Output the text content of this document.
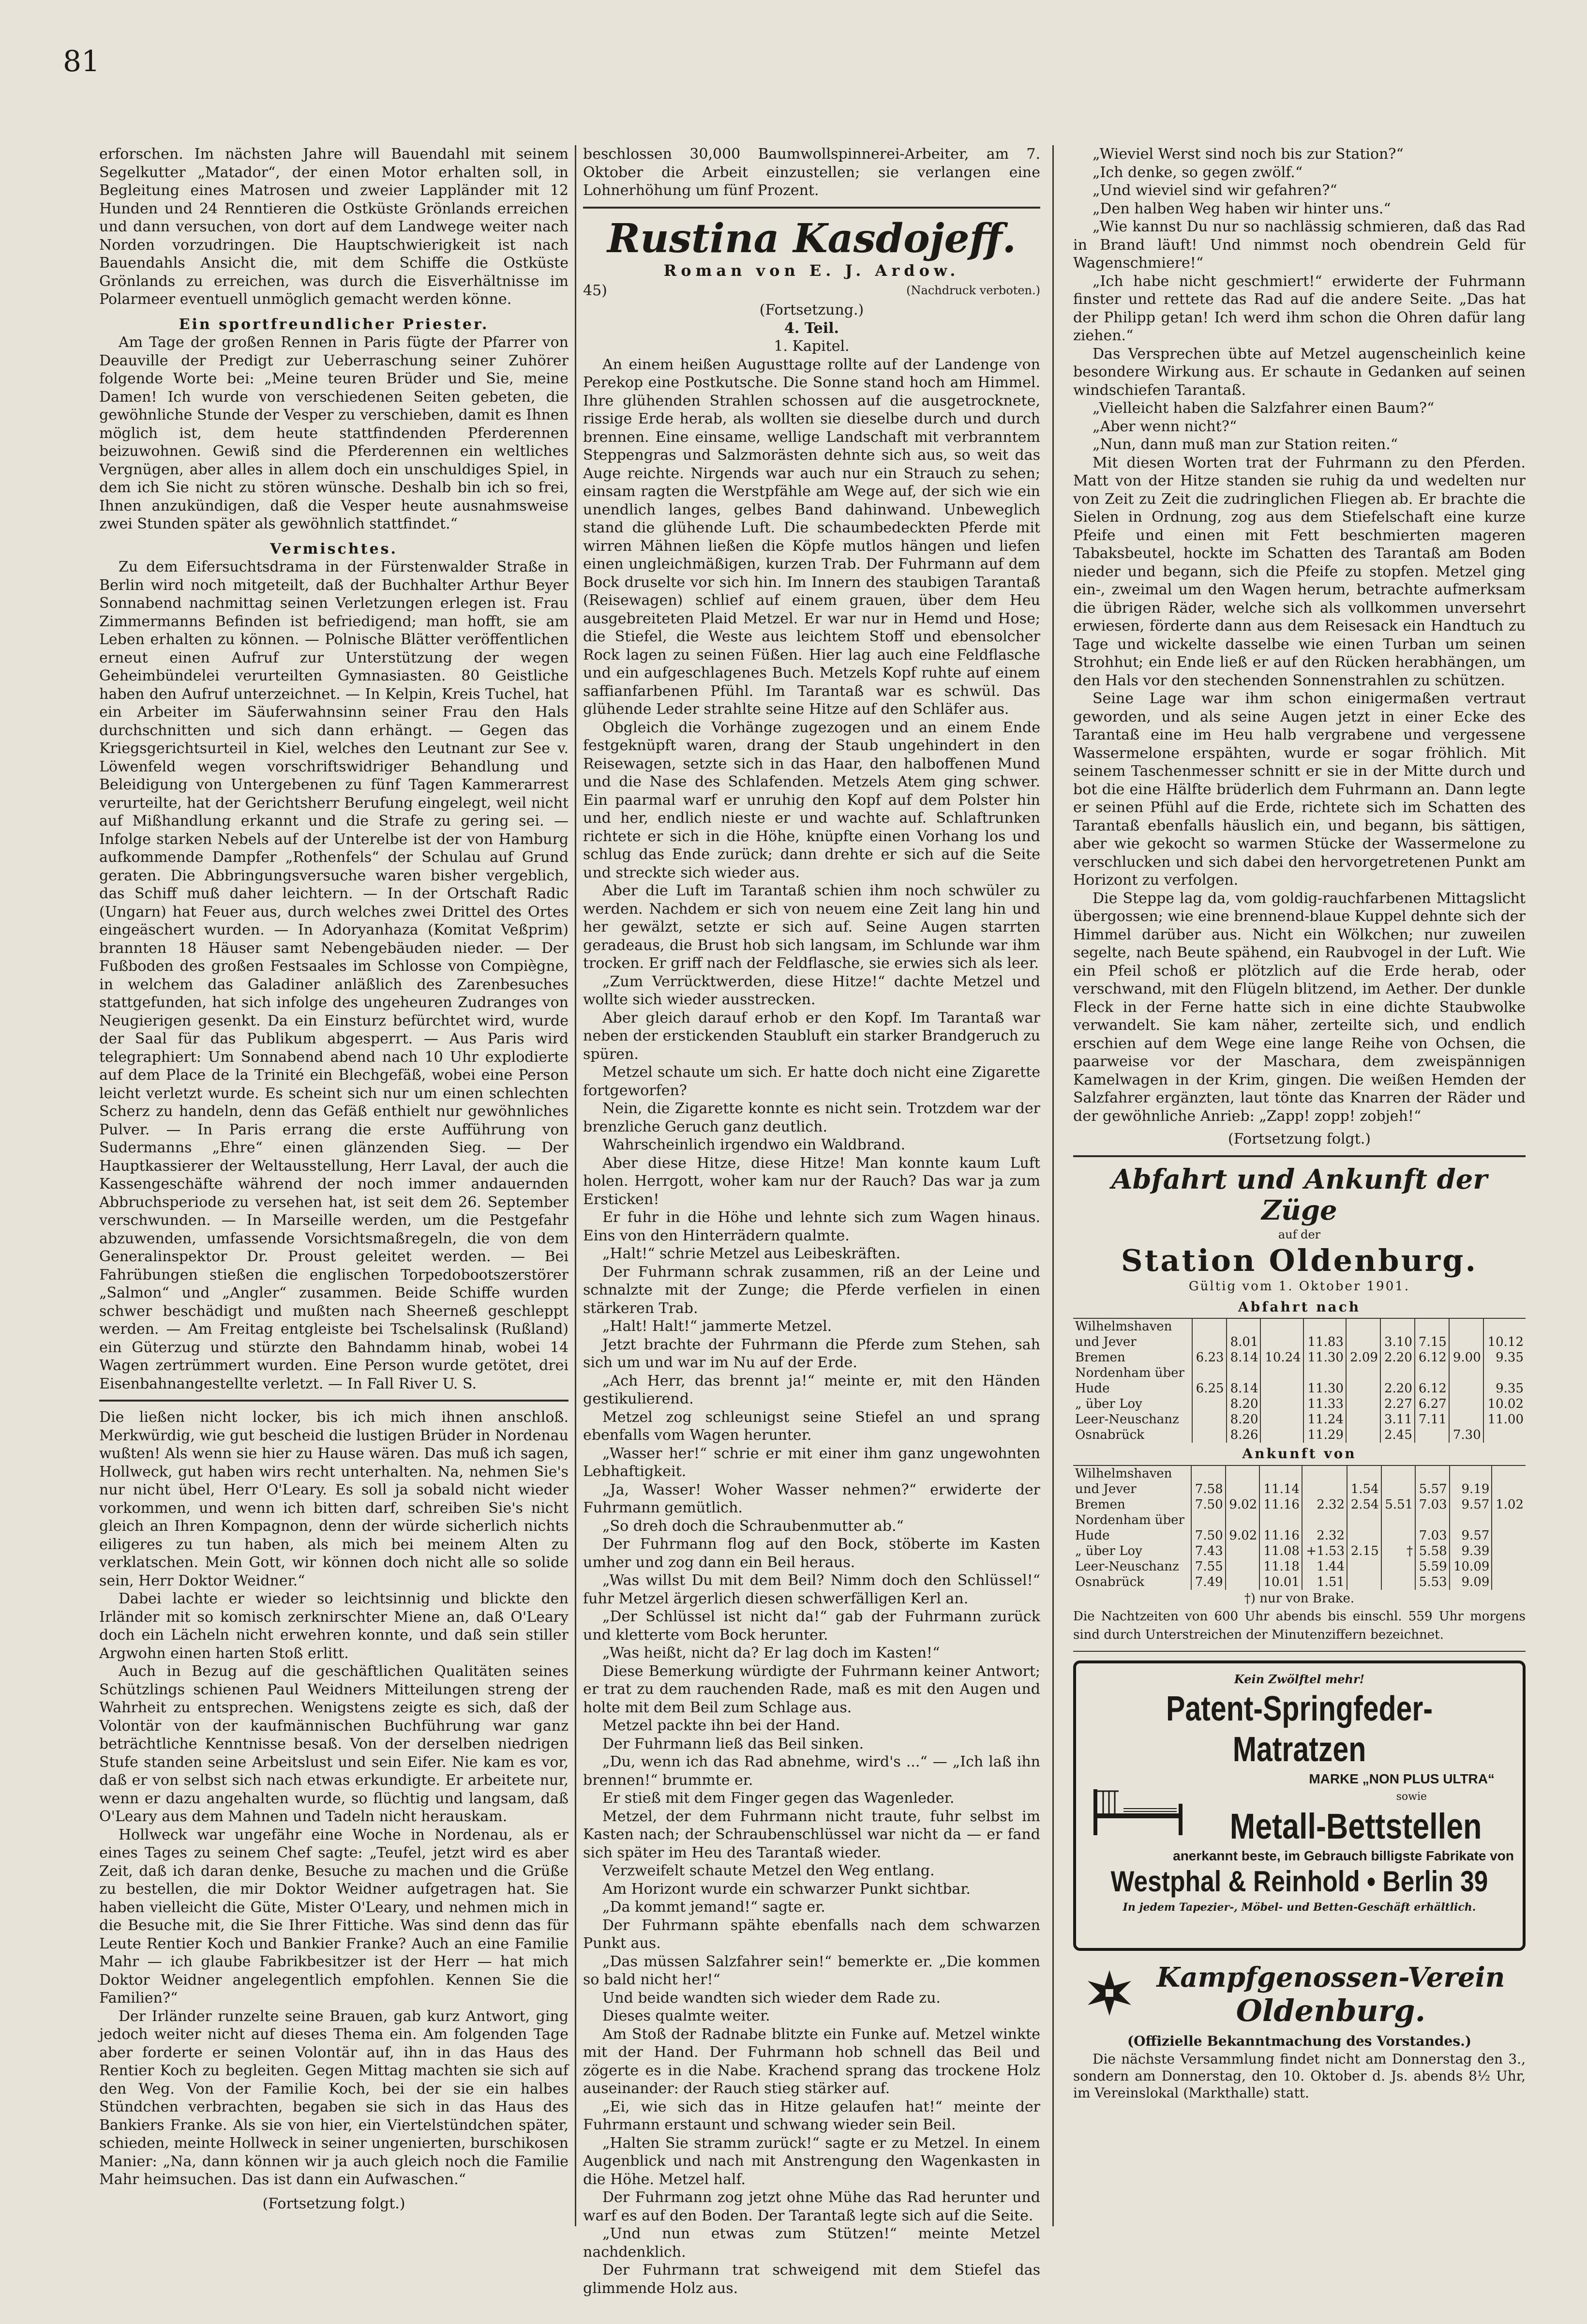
81

erforschen. Im nächsten Jahre will Bauendahl mit seinem Segelkutter „Matador“, der einen Motor erhalten soll, in Begleitung eines Matrosen und zweier Lappländer mit 12 Hunden und 24 Renntieren die Ostküste Grönlands erreichen und dann versuchen, von dort auf dem Landwege weiter nach Norden vorzudringen. Die Hauptschwierigkeit ist nach Bauendahls Ansicht die, mit dem Schiffe die Ostküste Grönlands zu erreichen, was durch die Eisverhältnisse im Polarmeer eventuell unmöglich gemacht werden könne.

Ein sportfreundlicher Priester.

Am Tage der großen Rennen in Paris fügte der Pfarrer von Deauville der Predigt zur Ueberraschung seiner Zuhörer folgende Worte bei: „Meine teuren Brüder und Sie, meine Damen! Ich wurde von verschiedenen Seiten gebeten, die gewöhnliche Stunde der Vesper zu verschieben, damit es Ihnen möglich ist, dem heute stattfindenden Pferderennen beizuwohnen. Gewiß sind die Pferderennen ein weltliches Vergnügen, aber alles in allem doch ein unschuldiges Spiel, in dem ich Sie nicht zu stören wünsche. Deshalb bin ich so frei, Ihnen anzukündigen, daß die Vesper heute ausnahmsweise zwei Stunden später als gewöhnlich stattfindet.“

Vermischtes.

Zu dem Eifersuchtsdrama in der Fürstenwalder Straße in Berlin wird noch mitgeteilt, daß der Buchhalter Arthur Beyer Sonnabend nachmittag seinen Verletzungen erlegen ist. Frau Zimmermanns Befinden ist befriedigend; man hofft, sie am Leben erhalten zu können. — Polnische Blätter veröffentlichen erneut einen Aufruf zur Unterstützung der wegen Geheimbündelei verurteilten Gymnasiasten. 80 Geistliche haben den Aufruf unterzeichnet. — In Kelpin, Kreis Tuchel, hat ein Arbeiter im Säuferwahnsinn seiner Frau den Hals durchschnitten und sich dann erhängt. — Gegen das Kriegsgerichtsurteil in Kiel, welches den Leutnant zur See v. Löwenfeld wegen vorschriftswidriger Behandlung und Beleidigung von Untergebenen zu fünf Tagen Kammerarrest verurteilte, hat der Gerichtsherr Berufung eingelegt, weil nicht auf Mißhandlung erkannt und die Strafe zu gering sei. — Infolge starken Nebels auf der Unterelbe ist der von Hamburg aufkommende Dampfer „Rothenfels“ der Schulau auf Grund geraten. Die Abbringungsversuche waren bisher vergeblich, das Schiff muß daher leichtern. — In der Ortschaft Radic (Ungarn) hat Feuer aus, durch welches zwei Drittel des Ortes eingeäschert wurden. — In Adoryanhaza (Komitat Veßprim) brannten 18 Häuser samt Nebengebäuden nieder. — Der Fußboden des großen Festsaales im Schlosse von Compiègne, in welchem das Galadiner anläßlich des Zarenbesuches stattgefunden, hat sich infolge des ungeheuren Zudranges von Neugierigen gesenkt. Da ein Einsturz befürchtet wird, wurde der Saal für das Publikum abgesperrt. — Aus Paris wird telegraphiert: Um Sonnabend abend nach 10 Uhr explodierte auf dem Place de la Trinité ein Blechgefäß, wobei eine Person leicht verletzt wurde. Es scheint sich nur um einen schlechten Scherz zu handeln, denn das Gefäß enthielt nur gewöhnliches Pulver. — In Paris errang die erste Aufführung von Sudermanns „Ehre“ einen glänzenden Sieg. — Der Hauptkassierer der Weltausstellung, Herr Laval, der auch die Kassengeschäfte während der noch immer andauernden Abbruchsperiode zu versehen hat, ist seit dem 26. September verschwunden. — In Marseille werden, um die Pestgefahr abzuwenden, umfassende Vorsichtsmaßregeln, die von dem Generalinspektor Dr. Proust geleitet werden. — Bei Fahrübungen stießen die englischen Torpedobootszerstörer „Salmon“ und „Angler“ zusammen. Beide Schiffe wurden schwer beschädigt und mußten nach Sheerneß geschleppt werden. — Am Freitag entgleiste bei Tschelsalinsk (Rußland) ein Güterzug und stürzte den Bahndamm hinab, wobei 14 Wagen zertrümmert wurden. Eine Person wurde getötet, drei Eisenbahnangestellte verletzt. — In Fall River U. S.

Die ließen nicht locker, bis ich mich ihnen anschloß. Merkwürdig, wie gut bescheid die lustigen Brüder in Nordenau wußten! Als wenn sie hier zu Hause wären. Das muß ich sagen, Hollweck, gut haben wirs recht unterhalten. Na, nehmen Sie's nur nicht übel, Herr O'Leary. Es soll ja sobald nicht wieder vorkommen, und wenn ich bitten darf, schreiben Sie's nicht gleich an Ihren Kompagnon, denn der würde sicherlich nichts eiligeres zu tun haben, als mich bei meinem Alten zu verklatschen. Mein Gott, wir können doch nicht alle so solide sein, Herr Doktor Weidner.“

Dabei lachte er wieder so leichtsinnig und blickte den Irländer mit so komisch zerknirschter Miene an, daß O'Leary doch ein Lächeln nicht erwehren konnte, und daß sein stiller Argwohn einen harten Stoß erlitt.

Auch in Bezug auf die geschäftlichen Qualitäten seines Schützlings schienen Paul Weidners Mitteilungen streng der Wahrheit zu entsprechen. Wenigstens zeigte es sich, daß der Volontär von der kaufmännischen Buchführung war ganz beträchtliche Kenntnisse besaß. Von der derselben niedrigen Stufe standen seine Arbeitslust und sein Eifer. Nie kam es vor, daß er von selbst sich nach etwas erkundigte. Er arbeitete nur, wenn er dazu angehalten wurde, so flüchtig und langsam, daß O'Leary aus dem Mahnen und Tadeln nicht herauskam.

Hollweck war ungefähr eine Woche in Nordenau, als er eines Tages zu seinem Chef sagte: „Teufel, jetzt wird es aber Zeit, daß ich daran denke, Besuche zu machen und die Grüße zu bestellen, die mir Doktor Weidner aufgetragen hat. Sie haben vielleicht die Güte, Mister O'Leary, und nehmen mich in die Besuche mit, die Sie Ihrer Fittiche. Was sind denn das für Leute Rentier Koch und Bankier Franke? Auch an eine Familie Mahr — ich glaube Fabrikbesitzer ist der Herr — hat mich Doktor Weidner angelegentlich empfohlen. Kennen Sie die Familien?“

Der Irländer runzelte seine Brauen, gab kurz Antwort, ging jedoch weiter nicht auf dieses Thema ein. Am folgenden Tage aber forderte er seinen Volontär auf, ihn in das Haus des Rentier Koch zu begleiten. Gegen Mittag machten sie sich auf den Weg. Von der Familie Koch, bei der sie ein halbes Stündchen verbrachten, begaben sie sich in das Haus des Bankiers Franke. Als sie von hier, ein Viertelstündchen später, schieden, meinte Hollweck in seiner ungenierten, burschikosen Manier: „Na, dann können wir ja auch gleich noch die Familie Mahr heimsuchen. Das ist dann ein Aufwaschen.“

(Fortsetzung folgt.)

beschlossen 30,000 Baumwollspinnerei-Arbeiter, am 7. Oktober die Arbeit einzustellen; sie verlangen eine Lohnerhöhung um fünf Prozent.

Rustina Kasdojeff.
Roman von E. J. Ardow.
45)	(Nachdruck verboten.)

(Fortsetzung.)

4. Teil.

1. Kapitel.

An einem heißen Augusttage rollte auf der Landenge von Perekop eine Postkutsche. Die Sonne stand hoch am Himmel. Ihre glühenden Strahlen schossen auf die ausgetrocknete, rissige Erde herab, als wollten sie dieselbe durch und durch brennen. Eine einsame, wellige Landschaft mit verbranntem Steppengras und Salzmorästen dehnte sich aus, so weit das Auge reichte. Nirgends war auch nur ein Strauch zu sehen; einsam ragten die Werstpfähle am Wege auf, der sich wie ein unendlich langes, gelbes Band dahinwand. Unbeweglich stand die glühende Luft. Die schaumbedeckten Pferde mit wirren Mähnen ließen die Köpfe mutlos hängen und liefen einen ungleichmäßigen, kurzen Trab. Der Fuhrmann auf dem Bock druselte vor sich hin. Im Innern des staubigen Tarantaß (Reisewagen) schlief auf einem grauen, über dem Heu ausgebreiteten Plaid Metzel. Er war nur in Hemd und Hose; die Stiefel, die Weste aus leichtem Stoff und ebensolcher Rock lagen zu seinen Füßen. Hier lag auch eine Feldflasche und ein aufgeschlagenes Buch. Metzels Kopf ruhte auf einem saffianfarbenen Pfühl. Im Tarantaß war es schwül. Das glühende Leder strahlte seine Hitze auf den Schläfer aus.

Obgleich die Vorhänge zugezogen und an einem Ende festgeknüpft waren, drang der Staub ungehindert in den Reisewagen, setzte sich in das Haar, den halboffenen Mund und die Nase des Schlafenden. Metzels Atem ging schwer. Ein paarmal warf er unruhig den Kopf auf dem Polster hin und her, endlich nieste er und wachte auf. Schlaftrunken richtete er sich in die Höhe, knüpfte einen Vorhang los und schlug das Ende zurück; dann drehte er sich auf die Seite und streckte sich wieder aus.

Aber die Luft im Tarantaß schien ihm noch schwüler zu werden. Nachdem er sich von neuem eine Zeit lang hin und her gewälzt, setzte er sich auf. Seine Augen starrten geradeaus, die Brust hob sich langsam, im Schlunde war ihm trocken. Er griff nach der Feldflasche, sie erwies sich als leer.

„Zum Verrücktwerden, diese Hitze!“ dachte Metzel und wollte sich wieder ausstrecken.

Aber gleich darauf erhob er den Kopf. Im Tarantaß war neben der erstickenden Staubluft ein starker Brandgeruch zu spüren.

Metzel schaute um sich. Er hatte doch nicht eine Zigarette fortgeworfen?

Nein, die Zigarette konnte es nicht sein. Trotzdem war der brenzliche Geruch ganz deutlich.

Wahrscheinlich irgendwo ein Waldbrand.

Aber diese Hitze, diese Hitze! Man konnte kaum Luft holen. Herrgott, woher kam nur der Rauch? Das war ja zum Ersticken!

Er fuhr in die Höhe und lehnte sich zum Wagen hinaus. Eins von den Hinterrädern qualmte.

„Halt!“ schrie Metzel aus Leibeskräften.

Der Fuhrmann schrak zusammen, riß an der Leine und schnalzte mit der Zunge; die Pferde verfielen in einen stärkeren Trab.

„Halt! Halt!“ jammerte Metzel.

Jetzt brachte der Fuhrmann die Pferde zum Stehen, sah sich um und war im Nu auf der Erde.

„Ach Herr, das brennt ja!“ meinte er, mit den Händen gestikulierend.

Metzel zog schleunigst seine Stiefel an und sprang ebenfalls vom Wagen herunter.

„Wasser her!“ schrie er mit einer ihm ganz ungewohnten Lebhaftigkeit.

„Ja, Wasser! Woher Wasser nehmen?“ erwiderte der Fuhrmann gemütlich.

„So dreh doch die Schraubenmutter ab.“

Der Fuhrmann flog auf den Bock, stöberte im Kasten umher und zog dann ein Beil heraus.

„Was willst Du mit dem Beil? Nimm doch den Schlüssel!“ fuhr Metzel ärgerlich diesen schwerfälligen Kerl an.

„Der Schlüssel ist nicht da!“ gab der Fuhrmann zurück und kletterte vom Bock herunter.

„Was heißt, nicht da? Er lag doch im Kasten!“

Diese Bemerkung würdigte der Fuhrmann keiner Antwort; er trat zu dem rauchenden Rade, maß es mit den Augen und holte mit dem Beil zum Schlage aus.

Metzel packte ihn bei der Hand.

Der Fuhrmann ließ das Beil sinken.

„Du, wenn ich das Rad abnehme, wird's ...“ — „Ich laß ihn brennen!“ brummte er.

Er stieß mit dem Finger gegen das Wagenleder.

Metzel, der dem Fuhrmann nicht traute, fuhr selbst im Kasten nach; der Schraubenschlüssel war nicht da — er fand sich später im Heu des Tarantaß wieder.

Verzweifelt schaute Metzel den Weg entlang.

Am Horizont wurde ein schwarzer Punkt sichtbar.

„Da kommt jemand!“ sagte er.

Der Fuhrmann spähte ebenfalls nach dem schwarzen Punkt aus.

„Das müssen Salzfahrer sein!“ bemerkte er. „Die kommen so bald nicht her!“

Und beide wandten sich wieder dem Rade zu.

Dieses qualmte weiter.

Am Stoß der Radnabe blitzte ein Funke auf. Metzel winkte mit der Hand. Der Fuhrmann hob schnell das Beil und zögerte es in die Nabe. Krachend sprang das trockene Holz auseinander: der Rauch stieg stärker auf.

„Ei, wie sich das in Hitze gelaufen hat!“ meinte der Fuhrmann erstaunt und schwang wieder sein Beil.

„Halten Sie stramm zurück!“ sagte er zu Metzel. In einem Augenblick und nach mit Anstrengung den Wagenkasten in die Höhe. Metzel half.

Der Fuhrmann zog jetzt ohne Mühe das Rad herunter und warf es auf den Boden. Der Tarantaß legte sich auf die Seite.

„Und nun etwas zum Stützen!“ meinte Metzel nachdenklich.

Der Fuhrmann trat schweigend mit dem Stiefel das glimmende Holz aus.

„Wieviel Werst sind noch bis zur Station?“

„Ich denke, so gegen zwölf.“

„Und wieviel sind wir gefahren?“

„Den halben Weg haben wir hinter uns.“

„Wie kannst Du nur so nachlässig schmieren, daß das Rad in Brand läuft! Und nimmst noch obendrein Geld für Wagenschmiere!“

„Ich habe nicht geschmiert!“ erwiderte der Fuhrmann finster und rettete das Rad auf die andere Seite. „Das hat der Philipp getan! Ich werd ihm schon die Ohren dafür lang ziehen.“

Das Versprechen übte auf Metzel augenscheinlich keine besondere Wirkung aus. Er schaute in Gedanken auf seinen windschiefen Tarantaß.

„Vielleicht haben die Salzfahrer einen Baum?“

„Aber wenn nicht?“

„Nun, dann muß man zur Station reiten.“

Mit diesen Worten trat der Fuhrmann zu den Pferden. Matt von der Hitze standen sie ruhig da und wedelten nur von Zeit zu Zeit die zudringlichen Fliegen ab. Er brachte die Sielen in Ordnung, zog aus dem Stiefelschaft eine kurze Pfeife und einen mit Fett beschmierten mageren Tabaksbeutel, hockte im Schatten des Tarantaß am Boden nieder und begann, sich die Pfeife zu stopfen. Metzel ging ein-, zweimal um den Wagen herum, betrachte aufmerksam die übrigen Räder, welche sich als vollkommen unversehrt erwiesen, förderte dann aus dem Reisesack ein Handtuch zu Tage und wickelte dasselbe wie einen Turban um seinen Strohhut; ein Ende ließ er auf den Rücken herabhängen, um den Hals vor den stechenden Sonnenstrahlen zu schützen.

Seine Lage war ihm schon einigermaßen vertraut geworden, und als seine Augen jetzt in einer Ecke des Tarantaß eine im Heu halb vergrabene und vergessene Wassermelone erspähten, wurde er sogar fröhlich. Mit seinem Taschenmesser schnitt er sie in der Mitte durch und bot die eine Hälfte brüderlich dem Fuhrmann an. Dann legte er seinen Pfühl auf die Erde, richtete sich im Schatten des Tarantaß ebenfalls häuslich ein, und begann, bis sättigen, aber wie gekocht so warmen Stücke der Wassermelone zu verschlucken und sich dabei den hervorgetretenen Punkt am Horizont zu verfolgen.

Die Steppe lag da, vom goldig-rauchfarbenen Mittagslicht übergossen; wie eine brennend-blaue Kuppel dehnte sich der Himmel darüber aus. Nicht ein Wölkchen; nur zuweilen segelte, nach Beute spähend, ein Raubvogel in der Luft. Wie ein Pfeil schoß er plötzlich auf die Erde herab, oder verschwand, mit den Flügeln blitzend, im Aether. Der dunkle Fleck in der Ferne hatte sich in eine dichte Staubwolke verwandelt. Sie kam näher, zerteilte sich, und endlich erschien auf dem Wege eine lange Reihe von Ochsen, die paarweise vor der Maschara, dem zweispännigen Kamelwagen in der Krim, gingen. Die weißen Hemden der Salzfahrer ergänzten, laut tönte das Knarren der Räder und der gewöhnliche Anrieb: „Zapp! zopp! zobjeh!“

(Fortsetzung folgt.)

Abfahrt und Ankunft der Züge
auf der
Station Oldenburg.
Gültig vom 1. Oktober 1901.
Abfahrt nach
Wilhelmshaven									
und Jever		8.01		11.83		3.10	7.15		10.12
Bremen	6.23	8.14	10.24	11.30	2.09	2.20	6.12	9.00	9.35
Nordenham über									
Hude	6.25	8.14		11.30		2.20	6.12		9.35
„ über Loy		8.20		11.33		2.27	6.27		10.02
Leer-Neuschanz		8.20		11.24		3.11	7.11		11.00
Osnabrück		8.26		11.29		2.45		7.30	
Ankunft von
Wilhelmshaven									
und Jever	7.58		11.14		1.54		5.57	9.19	
Bremen	7.50	9.02	11.16	2.32	2.54	5.51	7.03	9.57	1.02
Nordenham über									
Hude	7.50	9.02	11.16	2.32			7.03	9.57	
„ über Loy	7.43		11.08	+1.53	2.15	†	5.58	9.39	
Leer-Neuschanz	7.55		11.18	1.44			5.59	10.09	
Osnabrück	7.49		10.01	1.51			5.53	9.09	
†) nur von Brake.
Die Nachtzeiten von 600 Uhr abends bis einschl. 559 Uhr morgens sind durch Unterstreichen der Minutenziffern bezeichnet.
Kein Zwölftel mehr!
Patent-Springfeder-Matratzen
MARKE „NON PLUS ULTRA“
sowie
Metall-Bettstellen
anerkannt beste, im Gebrauch billigste Fabrikate von
Westphal & Reinhold • Berlin 39
In jedem Tapezier-, Möbel- und Betten-Geschäft erhältlich.
Kampfgenossen-Verein
Oldenburg.
(Offizielle Bekanntmachung des Vorstandes.)
Die nächste Versammlung findet nicht am Donnerstag den 3., sondern am Donnerstag, den 10. Oktober d. Js. abends 8½ Uhr, im Vereinslokal (Markthalle) statt.
